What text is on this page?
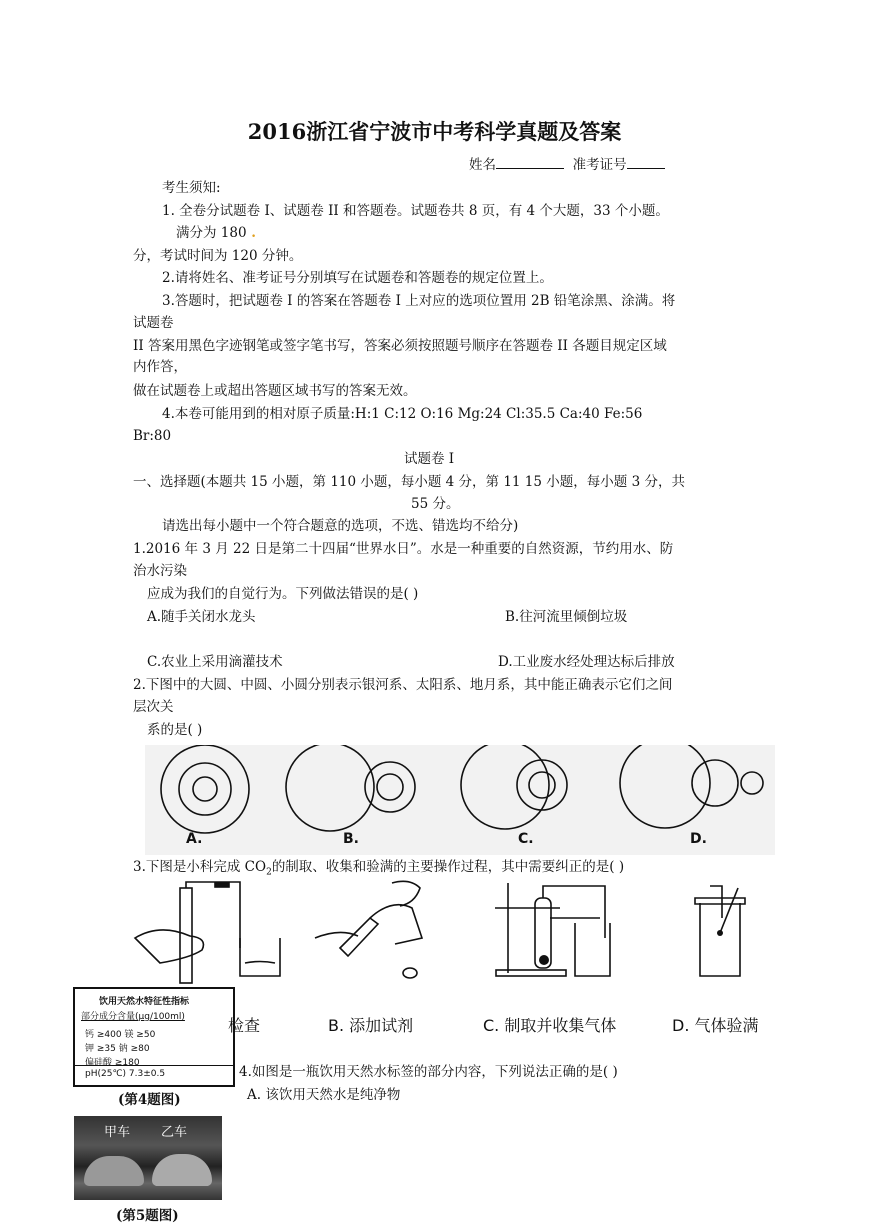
2016浙江省宁波市中考科学真题及答案
姓名	准考证号
考生须知:
1. 全卷分试题卷 I、试题卷 II 和答题卷。试题卷共 8 页，有 4 个大题，33 个小题。
满分为 180 .
分，考试时间为 120 分钟。
2.请将姓名、准考证号分别填写在试题卷和答题卷的规定位置上。
3.答题时，把试题卷 I 的答案在答题卷 I 上对应的选项位置用 2B 铅笔涂黑、涂满。将
试题卷
II 答案用黑色字迹钢笔或签字笔书写，答案必须按照题号顺序在答题卷 II 各题目规定区域
内作答，
做在试题卷上或超出答题区域书写的答案无效。
4.本卷可能用到的相对原子质量:H:1 C:12 O:16 Mg:24 Cl:35.5 Ca:40 Fe:56
Br:80
试题卷 I
一、选择题(本题共 15 小题，第 110 小题，每小题 4 分，第 11 15 小题，每小题 3 分，共
55 分。
请选出每小题中一个符合题意的选项，不选、错选均不给分)
1.2016 年 3 月 22 日是第二十四届“世界水日”。水是一种重要的自然资源，节约用水、防
治水污染
应成为我们的自觉行为。下列做法错误的是( )
A.随手关闭水龙头	B.往河流里倾倒垃圾
C.农业上采用滴灌技术	D.工业废水经处理达标后排放
2.下图中的大圆、中圆、小圆分别表示银河系、太阳系、地月系，其中能正确表示它们之间
层次关
系的是( )
A.	B.	C.	D.
3.下图是小科完成 $CO_2$的制取、收集和验满的主要操作过程，其中需要纠正的是( )
检查	B. 添加试剂	C. 制取并收集气体	D. 气体验满
饮用天然水特征性指标
部分成分含量(μg/100ml)
钙 ≥400 镁 ≥50
钾 ≥35 钠 ≥80
偏硅酸 ≥180
pH(25℃) 7.3±0.5	4.如图是一瓶饮用天然水标签的部分内容，下列说法正确的是( )
A. 该饮用天然水是纯净物
(第4题图)
甲车 乙车
(第5题图)
